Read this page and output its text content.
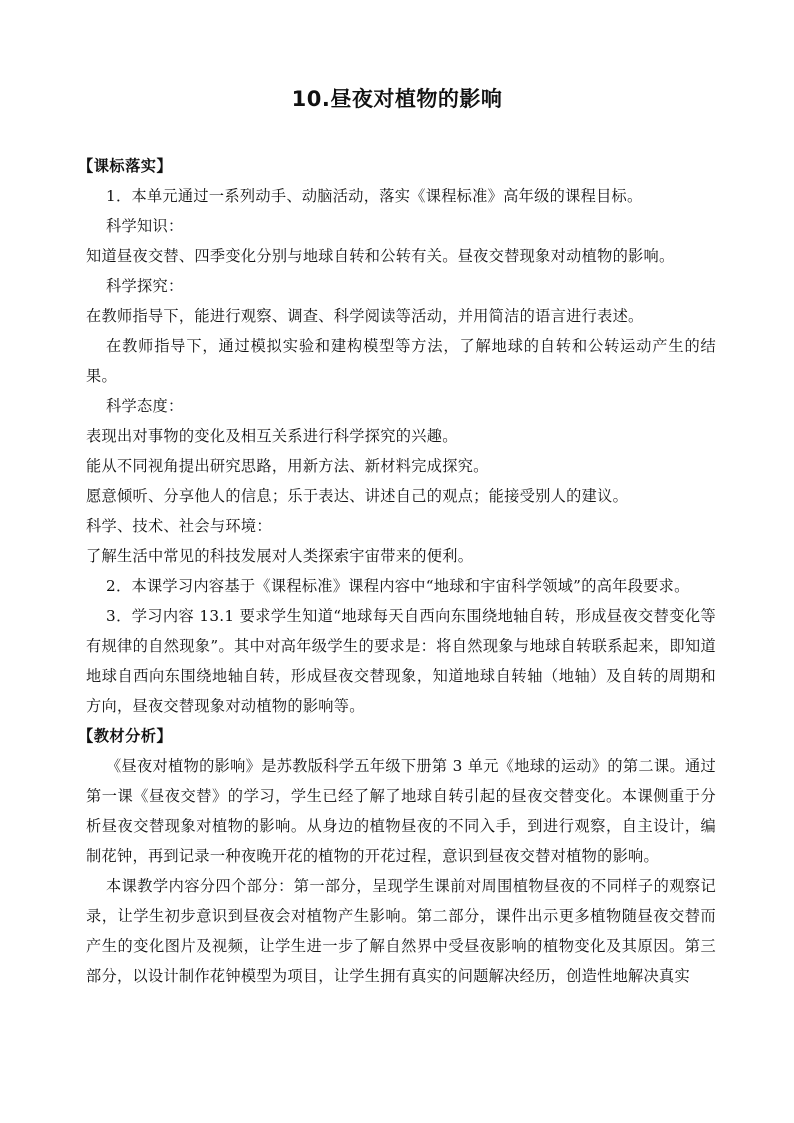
10.昼夜对植物的影响

【课标落实】

1．本单元通过一系列动手、动脑活动，落实《课程标准》高年级的课程目标。

科学知识：

知道昼夜交替、四季变化分别与地球自转和公转有关。昼夜交替现象对动植物的影响。

科学探究：

在教师指导下，能进行观察、调查、科学阅读等活动，并用简洁的语言进行表述。

在教师指导下，通过模拟实验和建构模型等方法，了解地球的自转和公转运动产生的结果。

科学态度：

表现出对事物的变化及相互关系进行科学探究的兴趣。

能从不同视角提出研究思路，用新方法、新材料完成探究。

愿意倾听、分享他人的信息；乐于表达、讲述自己的观点；能接受别人的建议。

科学、技术、社会与环境：

了解生活中常见的科技发展对人类探索宇宙带来的便利。

2．本课学习内容基于《课程标准》课程内容中“地球和宇宙科学领域”的高年段要求。

3．学习内容 13.1 要求学生知道“地球每天自西向东围绕地轴自转，形成昼夜交替变化等有规律的自然现象”。其中对高年级学生的要求是：将自然现象与地球自转联系起来，即知道地球自西向东围绕地轴自转，形成昼夜交替现象，知道地球自转轴（地轴）及自转的周期和方向，昼夜交替现象对动植物的影响等。

【教材分析】

《昼夜对植物的影响》是苏教版科学五年级下册第 3 单元《地球的运动》的第二课。通过第一课《昼夜交替》的学习，学生已经了解了地球自转引起的昼夜交替变化。本课侧重于分析昼夜交替现象对植物的影响。从身边的植物昼夜的不同入手，到进行观察，自主设计，编制花钟，再到记录一种夜晚开花的植物的开花过程，意识到昼夜交替对植物的影响。

本课教学内容分四个部分：第一部分，呈现学生课前对周围植物昼夜的不同样子的观察记录，让学生初步意识到昼夜会对植物产生影响。第二部分，课件出示更多植物随昼夜交替而产生的变化图片及视频，让学生进一步了解自然界中受昼夜影响的植物变化及其原因。第三部分，以设计制作花钟模型为项目，让学生拥有真实的问题解决经历，创造性地解决真实
